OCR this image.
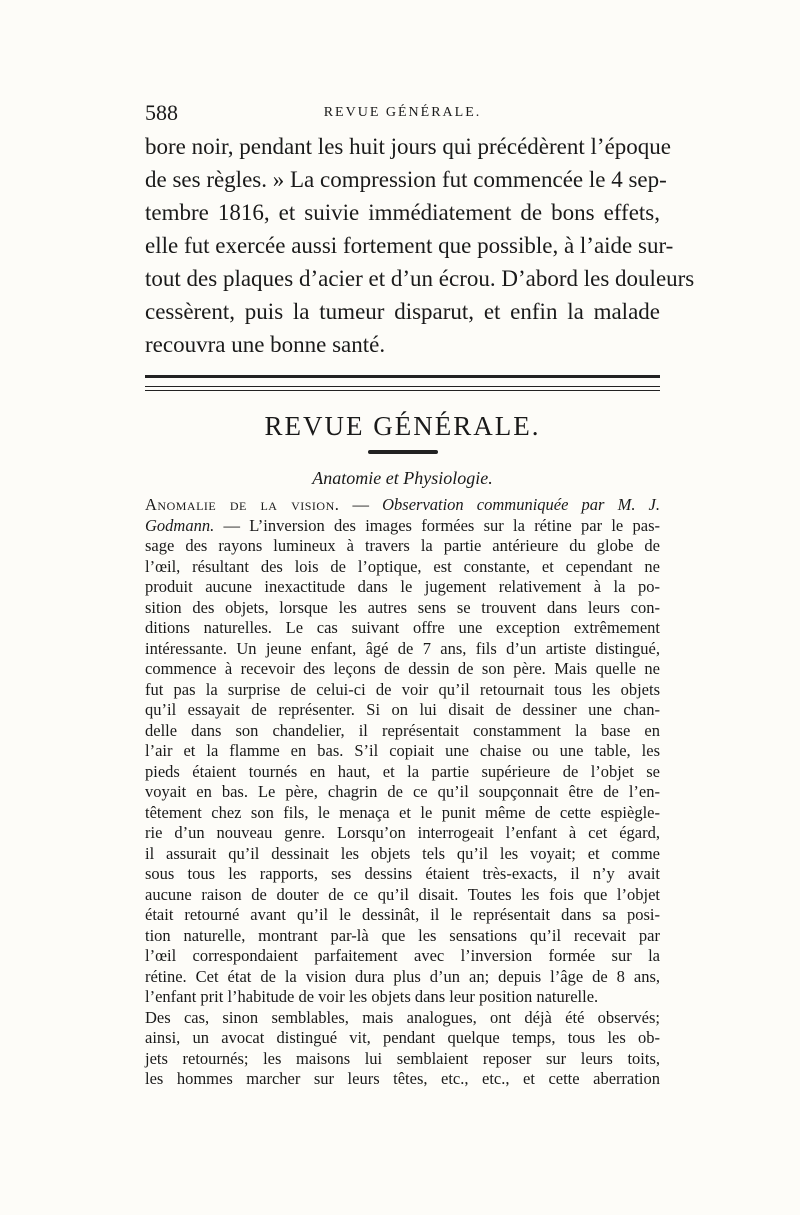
588	REVUE GÉNÉRALE.
bore noir, pendant les huit jours qui précédèrent l’époque
de ses règles. » La compression fut commencée le 4 sep-
tembre 1816, et suivie immédiatement de bons effets,
elle fut exercée aussi fortement que possible, à l’aide sur-
tout des plaques d’acier et d’un écrou. D’abord les douleurs
cessèrent, puis la tumeur disparut, et enfin la malade
recouvra une bonne santé.
REVUE GÉNÉRALE.
Anatomie et Physiologie.
Anomalie de la vision. — Observation communiquée par M. J.
Godmann. — L’inversion des images formées sur la rétine par le pas-
sage des rayons lumineux à travers la partie antérieure du globe de
l’œil, résultant des lois de l’optique, est constante, et cependant ne
produit aucune inexactitude dans le jugement relativement à la po-
sition des objets, lorsque les autres sens se trouvent dans leurs con-
ditions naturelles. Le cas suivant offre une exception extrêmement
intéressante. Un jeune enfant, âgé de 7 ans, fils d’un artiste distingué,
commence à recevoir des leçons de dessin de son père. Mais quelle ne
fut pas la surprise de celui-ci de voir qu’il retournait tous les objets
qu’il essayait de représenter. Si on lui disait de dessiner une chan-
delle dans son chandelier, il représentait constamment la base en
l’air et la flamme en bas. S’il copiait une chaise ou une table, les
pieds étaient tournés en haut, et la partie supérieure de l’objet se
voyait en bas. Le père, chagrin de ce qu’il soupçonnait être de l’en-
têtement chez son fils, le menaça et le punit même de cette espiègle-
rie d’un nouveau genre. Lorsqu’on interrogeait l’enfant à cet égard,
il assurait qu’il dessinait les objets tels qu’il les voyait; et comme
sous tous les rapports, ses dessins étaient très-exacts, il n’y avait
aucune raison de douter de ce qu’il disait. Toutes les fois que l’objet
était retourné avant qu’il le dessinât, il le représentait dans sa posi-
tion naturelle, montrant par-là que les sensations qu’il recevait par
l’œil correspondaient parfaitement avec l’inversion formée sur la
rétine. Cet état de la vision dura plus d’un an; depuis l’âge de 8 ans,
l’enfant prit l’habitude de voir les objets dans leur position naturelle.
Des cas, sinon semblables, mais analogues, ont déjà été observés;
ainsi, un avocat distingué vit, pendant quelque temps, tous les ob-
jets retournés; les maisons lui semblaient reposer sur leurs toits,
les hommes marcher sur leurs têtes, etc., etc., et cette aberration
